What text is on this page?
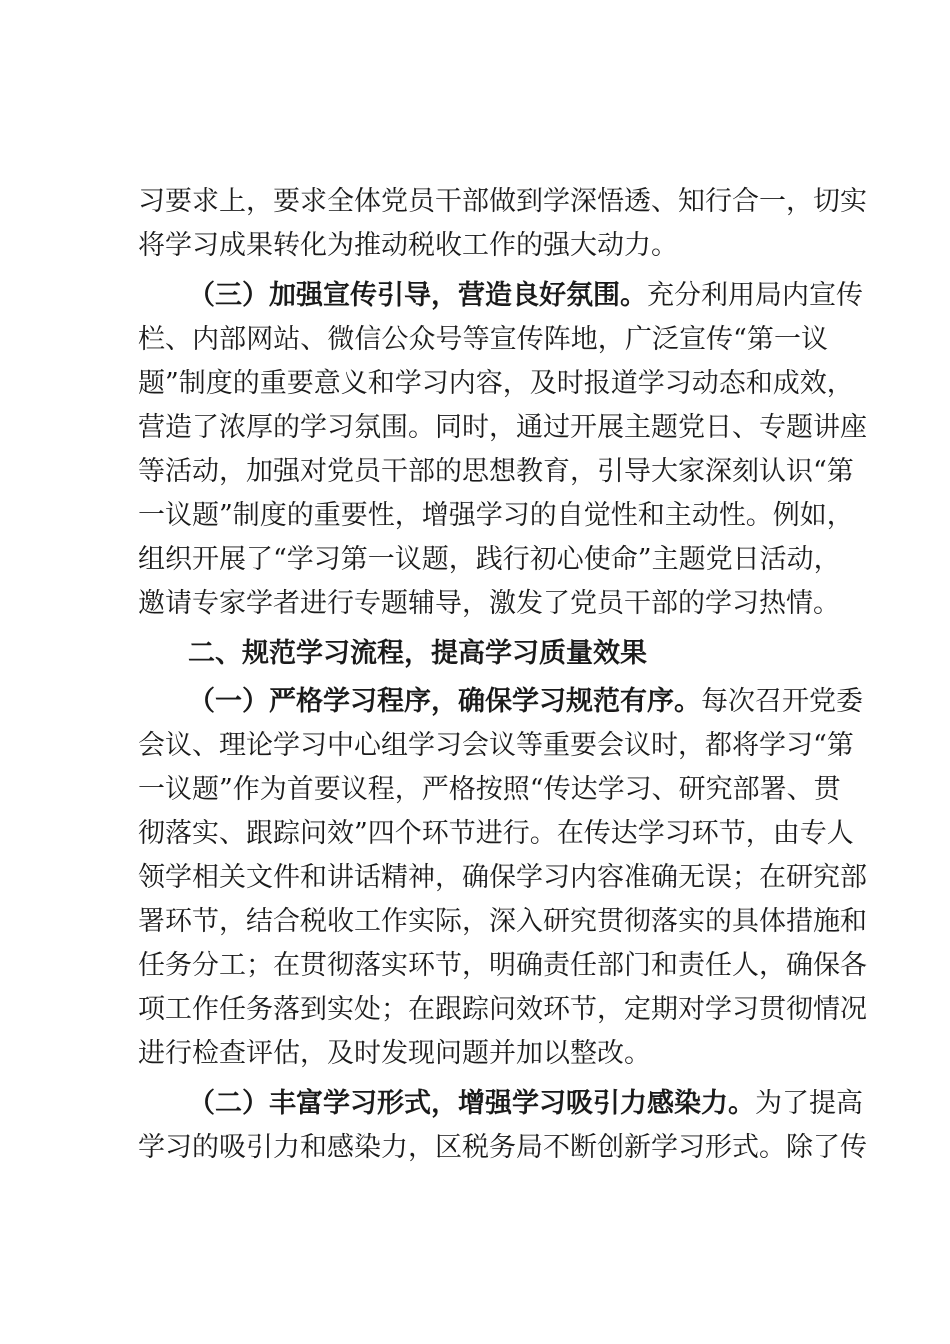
习要求上，要求全体党员干部做到学深悟透、知行合一，切实
将学习成果转化为推动税收工作的强大动力。
（三）加强宣传引导，营造良好氛围。充分利用局内宣传
栏、内部网站、微信公众号等宣传阵地，广泛宣传“第一议
题”制度的重要意义和学习内容，及时报道学习动态和成效，
营造了浓厚的学习氛围。同时，通过开展主题党日、专题讲座
等活动，加强对党员干部的思想教育，引导大家深刻认识“第
一议题”制度的重要性，增强学习的自觉性和主动性。例如，
组织开展了“学习第一议题，践行初心使命”主题党日活动，
邀请专家学者进行专题辅导，激发了党员干部的学习热情。
二、规范学习流程，提高学习质量效果
（一）严格学习程序，确保学习规范有序。每次召开党委
会议、理论学习中心组学习会议等重要会议时，都将学习“第
一议题”作为首要议程，严格按照“传达学习、研究部署、贯
彻落实、跟踪问效”四个环节进行。在传达学习环节，由专人
领学相关文件和讲话精神，确保学习内容准确无误；在研究部
署环节，结合税收工作实际，深入研究贯彻落实的具体措施和
任务分工；在贯彻落实环节，明确责任部门和责任人，确保各
项工作任务落到实处；在跟踪问效环节，定期对学习贯彻情况
进行检查评估，及时发现问题并加以整改。
（二）丰富学习形式，增强学习吸引力感染力。为了提高
学习的吸引力和感染力，区税务局不断创新学习形式。除了传
